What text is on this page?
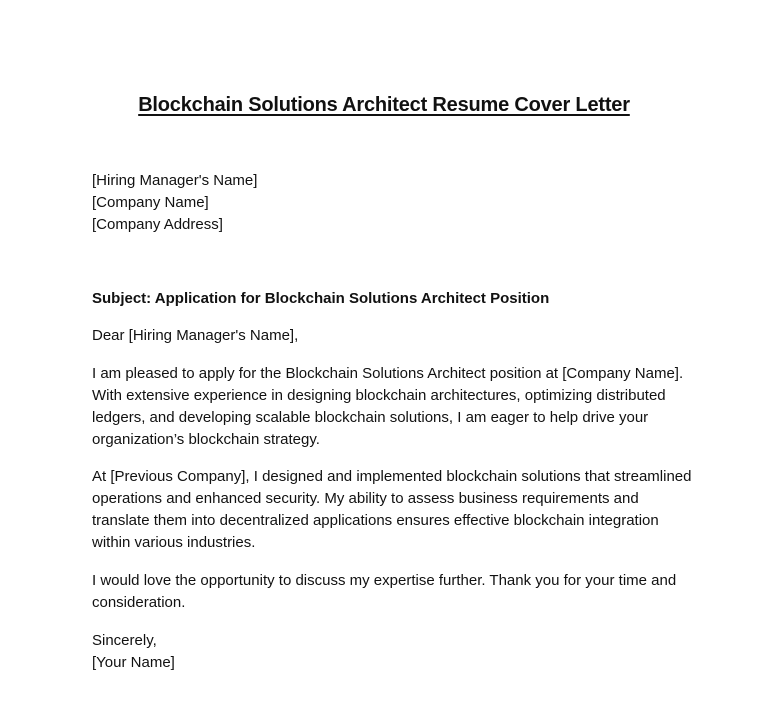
Blockchain Solutions Architect Resume Cover Letter
[Hiring Manager's Name]
[Company Name]
[Company Address]
Subject: Application for Blockchain Solutions Architect Position
Dear [Hiring Manager's Name],

I am pleased to apply for the Blockchain Solutions Architect position at [Company Name]. With extensive experience in designing blockchain architectures, optimizing distributed ledgers, and developing scalable blockchain solutions, I am eager to help drive your organization’s blockchain strategy.

At [Previous Company], I designed and implemented blockchain solutions that streamlined operations and enhanced security. My ability to assess business requirements and translate them into decentralized applications ensures effective blockchain integration within various industries.

I would love the opportunity to discuss my expertise further. Thank you for your time and consideration.

Sincerely,
[Your Name]
